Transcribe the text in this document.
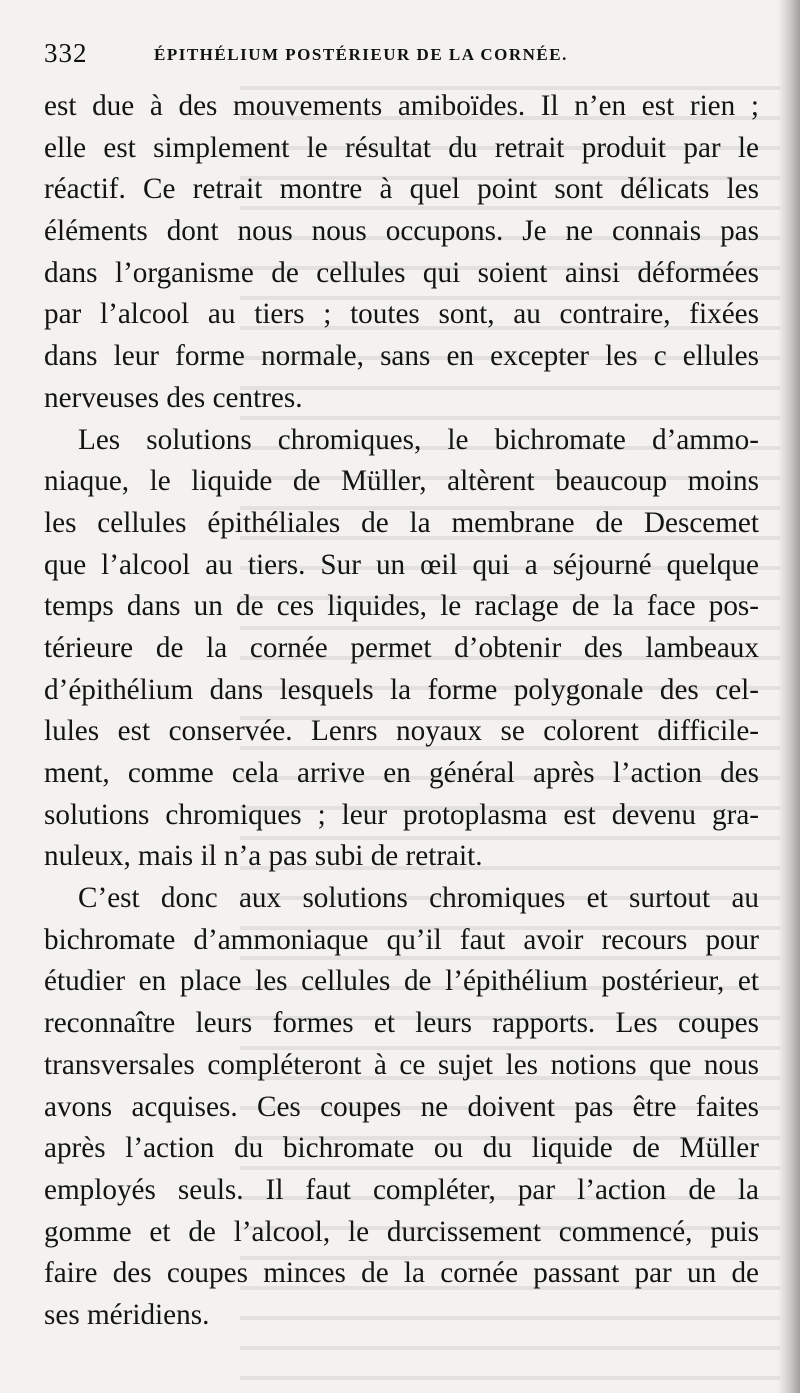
332	ÉPITHÉLIUM POSTÉRIEUR DE LA CORNÉE.
est due à des mouvements amiboïdes. Il n’en est rien ;
elle est simplement le résultat du retrait produit par le
réactif. Ce retrait montre à quel point sont délicats les
éléments dont nous nous occupons. Je ne connais pas
dans l’organisme de cellules qui soient ainsi déformées
par l’alcool au tiers ; toutes sont, au contraire, fixées
dans leur forme normale, sans en excepter les c ellules
nerveuses des centres.
Les solutions chromiques, le bichromate d’ammo-
niaque, le liquide de Müller, altèrent beaucoup moins
les cellules épithéliales de la membrane de Descemet
que l’alcool au tiers. Sur un œil qui a séjourné quelque
temps dans un de ces liquides, le raclage de la face pos-
térieure de la cornée permet d’obtenir des lambeaux
d’épithélium dans lesquels la forme polygonale des cel-
lules est conservée. Lenrs noyaux se colorent difficile-
ment, comme cela arrive en général après l’action des
solutions chromiques ; leur protoplasma est devenu gra-
nuleux, mais il n’a pas subi de retrait.
C’est donc aux solutions chromiques et surtout au
bichromate d’ammoniaque qu’il faut avoir recours pour
étudier en place les cellules de l’épithélium postérieur, et
reconnaître leurs formes et leurs rapports. Les coupes
transversales compléteront à ce sujet les notions que nous
avons acquises. Ces coupes ne doivent pas être faites
après l’action du bichromate ou du liquide de Müller
employés seuls. Il faut compléter, par l’action de la
gomme et de l’alcool, le durcissement commencé, puis
faire des coupes minces de la cornée passant par un de
ses méridiens.
